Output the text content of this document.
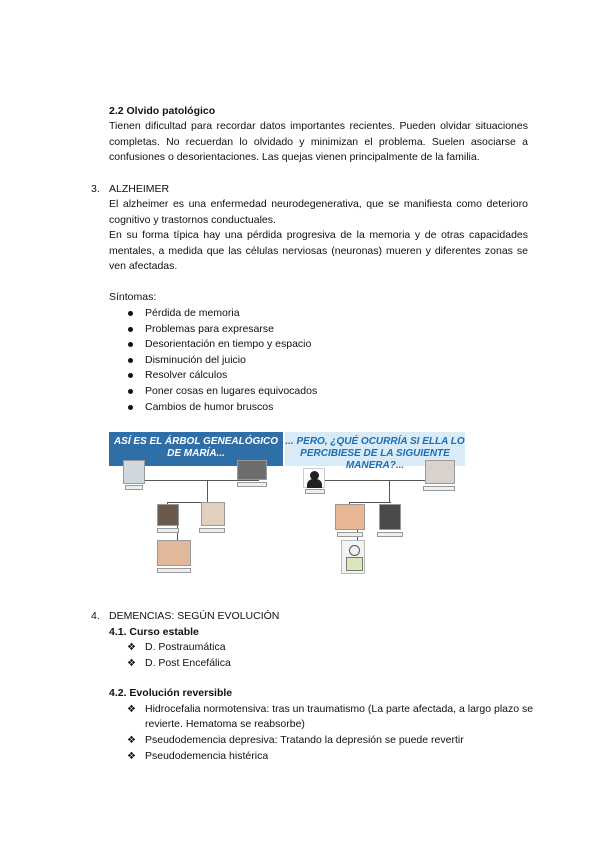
2.2 Olvido patológico
Tienen dificultad para recordar datos importantes recientes. Pueden olvidar situaciones completas. No recuerdan lo olvidado y minimizan el problema. Suelen asociarse a confusiones o desorientaciones. Las quejas vienen principalmente de la familia.
3. ALZHEIMER
El alzheimer es una enfermedad neurodegenerativa, que se manifiesta como deterioro cognitivo y trastornos conductuales.
En su forma típica hay una pérdida progresiva de la memoria y de otras capacidades mentales, a medida que las células nerviosas (neuronas) mueren y diferentes zonas se ven afectadas.
Síntomas:
Pérdida de memoria
Problemas para expresarse
Desorientación en tiempo y espacio
Disminución del juicio
Resolver cálculos
Poner cosas en lugares equivocados
Cambios de humor bruscos
ASÍ ES EL ÁRBOL GENEALÓGICO DE MARÍA...
... PERO, ¿QUÉ OCURRÍA SI ELLA LO PERCIBIESE DE LA SIGUIENTE MANERA?...
4. DEMENCIAS: SEGÚN EVOLUCIÓN
4.1. Curso estable
❖ D. Postraumática
❖ D. Post Encefálica
4.2. Evolución reversible
❖ Hidrocefalia normotensiva: tras un traumatismo (La parte afectada, a largo plazo se
revierte. Hematoma se reabsorbe)
❖ Pseudodemencia depresiva: Tratando la depresión se puede revertir
❖ Pseudodemencia histérica
